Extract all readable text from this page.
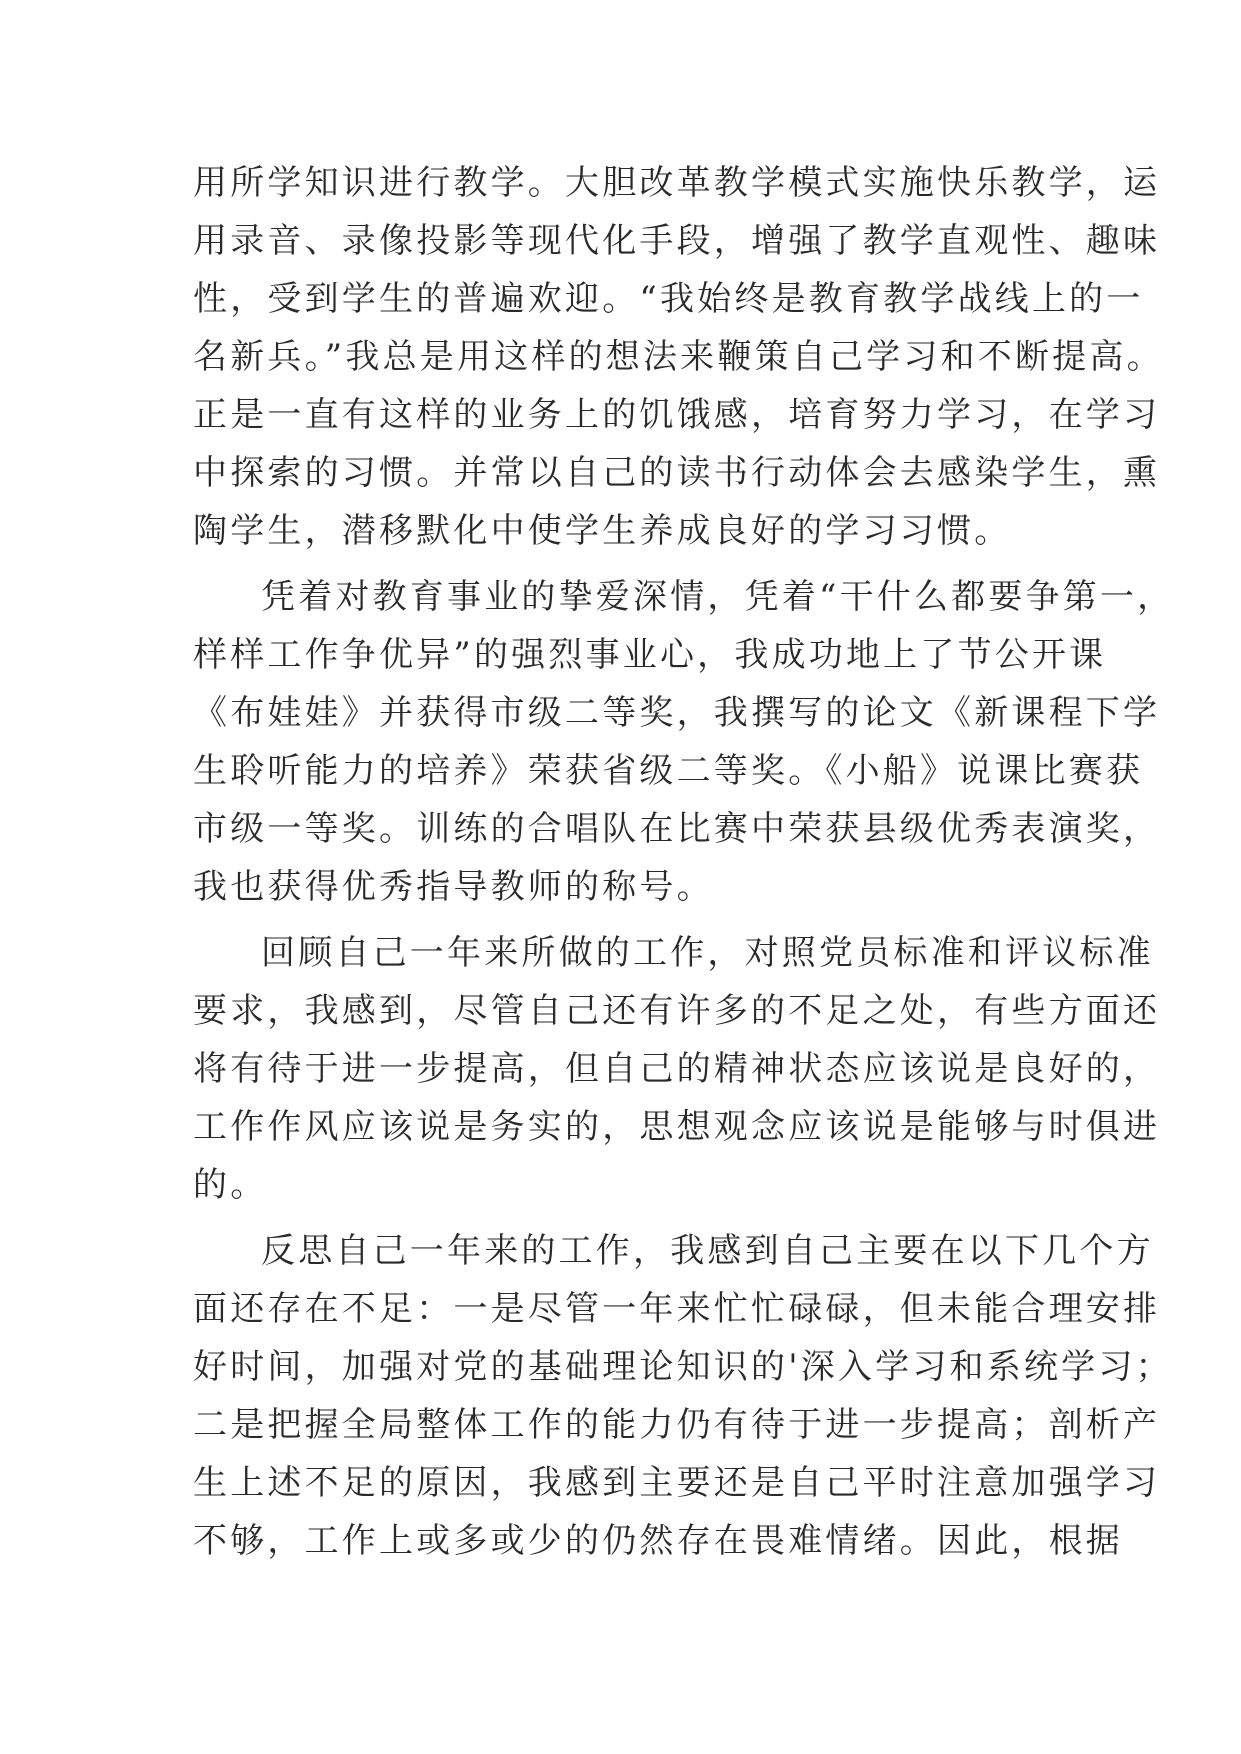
用所学知识进行教学。大胆改革教学模式实施快乐教学，运
用录音、录像投影等现代化手段，增强了教学直观性、趣味
性，受到学生的普遍欢迎。“我始终是教育教学战线上的一
名新兵。”我总是用这样的想法来鞭策自己学习和不断提高。
正是一直有这样的业务上的饥饿感，培育努力学习，在学习
中探索的习惯。并常以自己的读书行动体会去感染学生，熏
陶学生，潜移默化中使学生养成良好的学习习惯。
凭着对教育事业的挚爱深情，凭着“干什么都要争第一，
样样工作争优异”的强烈事业心，我成功地上了节公开课
《布娃娃》并获得市级二等奖，我撰写的论文《新课程下学
生聆听能力的培养》荣获省级二等奖。《小船》说课比赛获
市级一等奖。训练的合唱队在比赛中荣获县级优秀表演奖，
我也获得优秀指导教师的称号。
回顾自己一年来所做的工作，对照党员标准和评议标准
要求，我感到，尽管自己还有许多的不足之处，有些方面还
将有待于进一步提高，但自己的精神状态应该说是良好的，
工作作风应该说是务实的，思想观念应该说是能够与时俱进
的。
反思自己一年来的工作，我感到自己主要在以下几个方
面还存在不足：一是尽管一年来忙忙碌碌，但未能合理安排
好时间，加强对党的基础理论知识的'深入学习和系统学习；
二是把握全局整体工作的能力仍有待于进一步提高；剖析产
生上述不足的原因，我感到主要还是自己平时注意加强学习
不够，工作上或多或少的仍然存在畏难情绪。因此，根据
